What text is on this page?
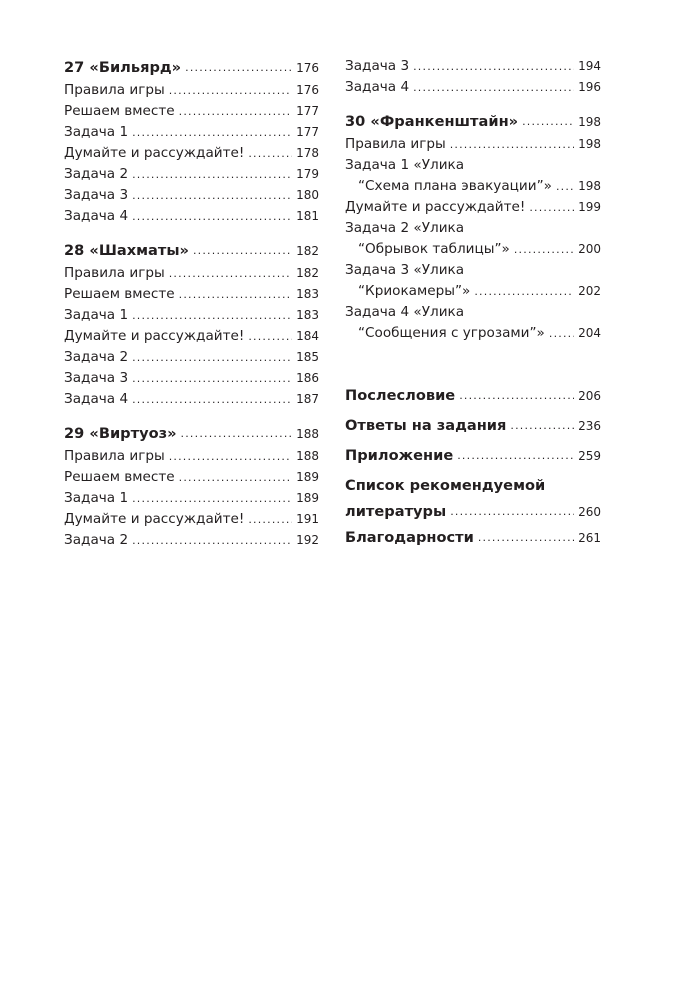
27 «Бильярд» .....	176
Правила игры .....	176
Решаем вместе .....	177
Задача 1 .....	177
Думайте и рассуждайте! .....	178
Задача 2 .....	179
Задача 3 .....	180
Задача 4 .....	181
28 «Шахматы» .....	182
Правила игры .....	182
Решаем вместе .....	183
Задача 1 .....	183
Думайте и рассуждайте! .....	184
Задача 2 .....	185
Задача 3 .....	186
Задача 4 .....	187
29 «Виртуоз» .....	188
Правила игры .....	188
Решаем вместе .....	189
Задача 1 .....	189
Думайте и рассуждайте! .....	191
Задача 2 .....	192
Задача 3 .....	194
Задача 4 .....	196
30 «Франкенштайн» .....	198
Правила игры .....	198
Задача 1 «Улика
“Схема плана эвакуации”» ..... 198
Думайте и рассуждайте! .....	199
Задача 2 «Улика
“Обрывок таблицы”» .....	200
Задача 3 «Улика
“Криокамеры”» .....	202
Задача 4 «Улика
“Сообщения с угрозами”» .....	204
Послесловие .....	206
Ответы на задания .....	236
Приложение .....	259
Список рекомендуемой
литературы .....	260
Благодарности .....	261
